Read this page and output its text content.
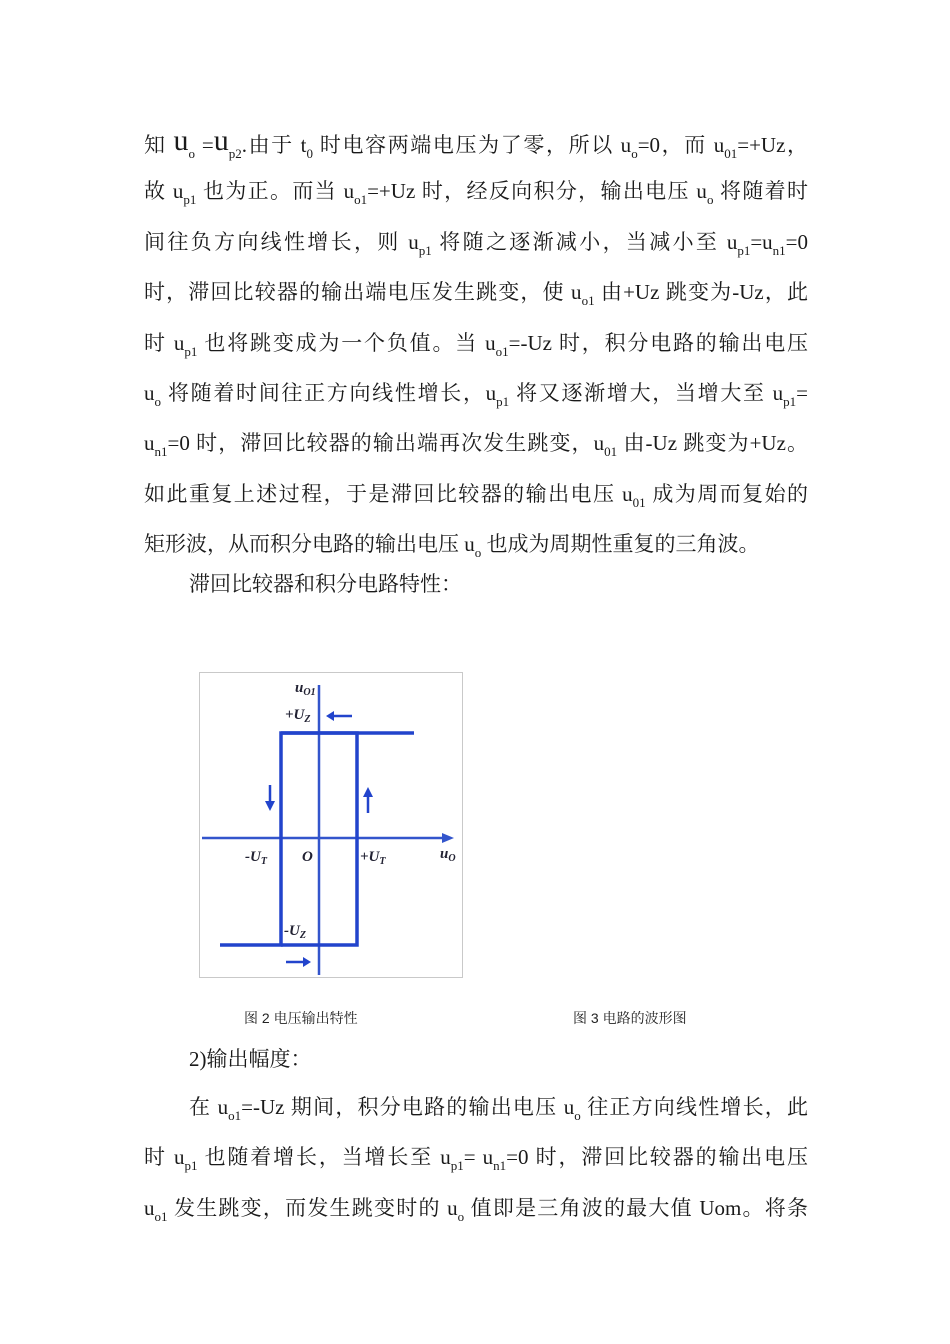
知 $u_o =u_{p2}$.由于 $t_0$ 时电容两端电压为了零，所以 $u_o=0$，而 $u_{01}=+Uz$，
故 $u_{p1}$ 也为正。而当 $u_{o1}=+Uz$ 时，经反向积分，输出电压 $u_o$ 将随着时
间往负方向线性增长，则 $u_{p1}$ 将随之逐渐减小，当减小至 $u_{p1}=u_{n1}=0$
时，滞回比较器的输出端电压发生跳变，使 $u_{o1}$ 由+Uz 跳变为-Uz，此
时 $u_{p1}$ 也将跳变成为一个负值。当 $u_{o1}=-Uz$ 时，积分电路的输出电压
$u_o$ 将随着时间往正方向线性增长，$u_{p1}$ 将又逐渐增大，当增大至 $u_{p1}=$
$u_{n1}=0$ 时，滞回比较器的输出端再次发生跳变，$u_{01}$ 由-Uz 跳变为+Uz。
如此重复上述过程，于是滞回比较器的输出电压 $u_{01}$ 成为周而复始的
矩形波，从而积分电路的输出电压 $u_o$ 也成为周期性重复的三角波。
滞回比较器和积分电路特性：
$u_{O1}$
$+U_Z$
$-U_T$ O	$+U_T$	$u_O$
$-U_Z$
图 2 电压输出特性	图 3 电路的波形图
2)输出幅度：
在 $u_{o1}=-Uz$ 期间，积分电路的输出电压 $u_o$ 往正方向线性增长，此
时 $u_{p1}$ 也随着增长，当增长至 $u_{p1}= u_{n1}=0$ 时，滞回比较器的输出电压
$u_{o1}$ 发生跳变，而发生跳变时的 $u_o$ 值即是三角波的最大值 Uom。将条
